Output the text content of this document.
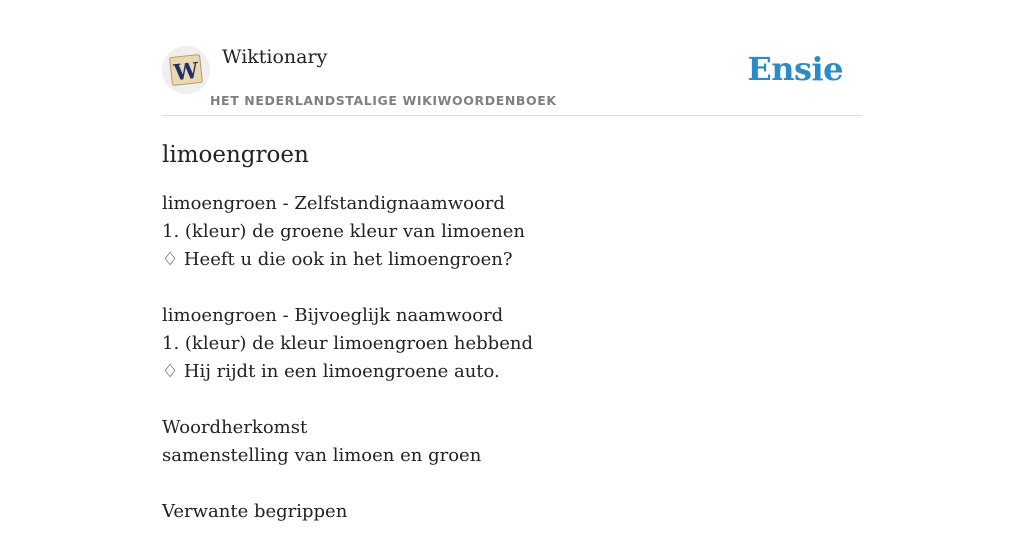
W
Wiktionary
HET NEDERLANDSTALIGE WIKIWOORDENBOEK
Ensie
limoengroen
limoengroen - Zelfstandignaamwoord
1. (kleur) de groene kleur van limoenen
♢ Heeft u die ook in het limoengroen?
limoengroen - Bijvoeglijk naamwoord
1. (kleur) de kleur limoengroen hebbend
♢ Hij rijdt in een limoengroene auto.
Woordherkomst
samenstelling van limoen en groen
Verwante begrippen
